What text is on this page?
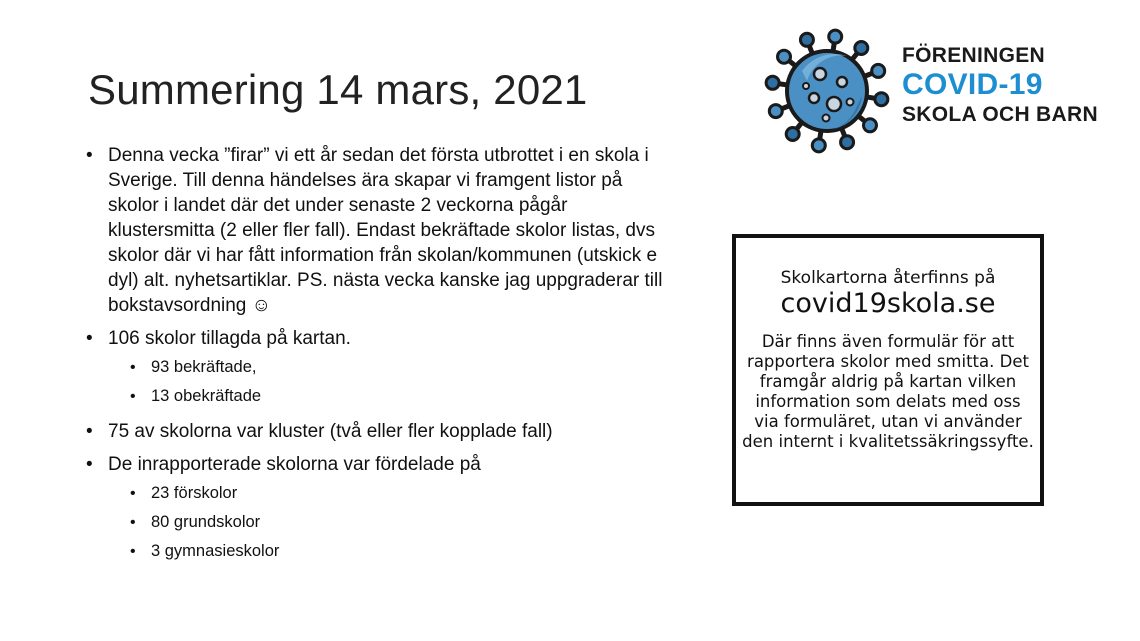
Summering 14 mars, 2021
• Denna vecka ”firar” vi ett år sedan det första utbrottet i en skola i Sverige. Till denna händelses ära skapar vi framgent listor på skolor i landet där det under senaste 2 veckorna pågår klustersmitta (2 eller fler fall). Endast bekräftade skolor listas, dvs skolor där vi har fått information från skolan/kommunen (utskick e dyl) alt. nyhetsartiklar. PS. nästa vecka kanske jag uppgraderar till bokstavsordning ☺
• 106 skolor tillagda på kartan.
• 93 bekräftade,
• 13 obekräftade
• 75 av skolorna var kluster (två eller fler kopplade fall)
• De inrapporterade skolorna var fördelade på
• 23 förskolor
• 80 grundskolor
• 3 gymnasieskolor
FÖRENINGEN
COVID-19
SKOLA OCH BARN
Skolkartorna återfinns på
covid19skola.se
Där finns även formulär för att rapportera skolor med smitta. Det framgår aldrig på kartan vilken information som delats med oss via formuläret, utan vi använder den internt i kvalitetssäkringssyfte.
